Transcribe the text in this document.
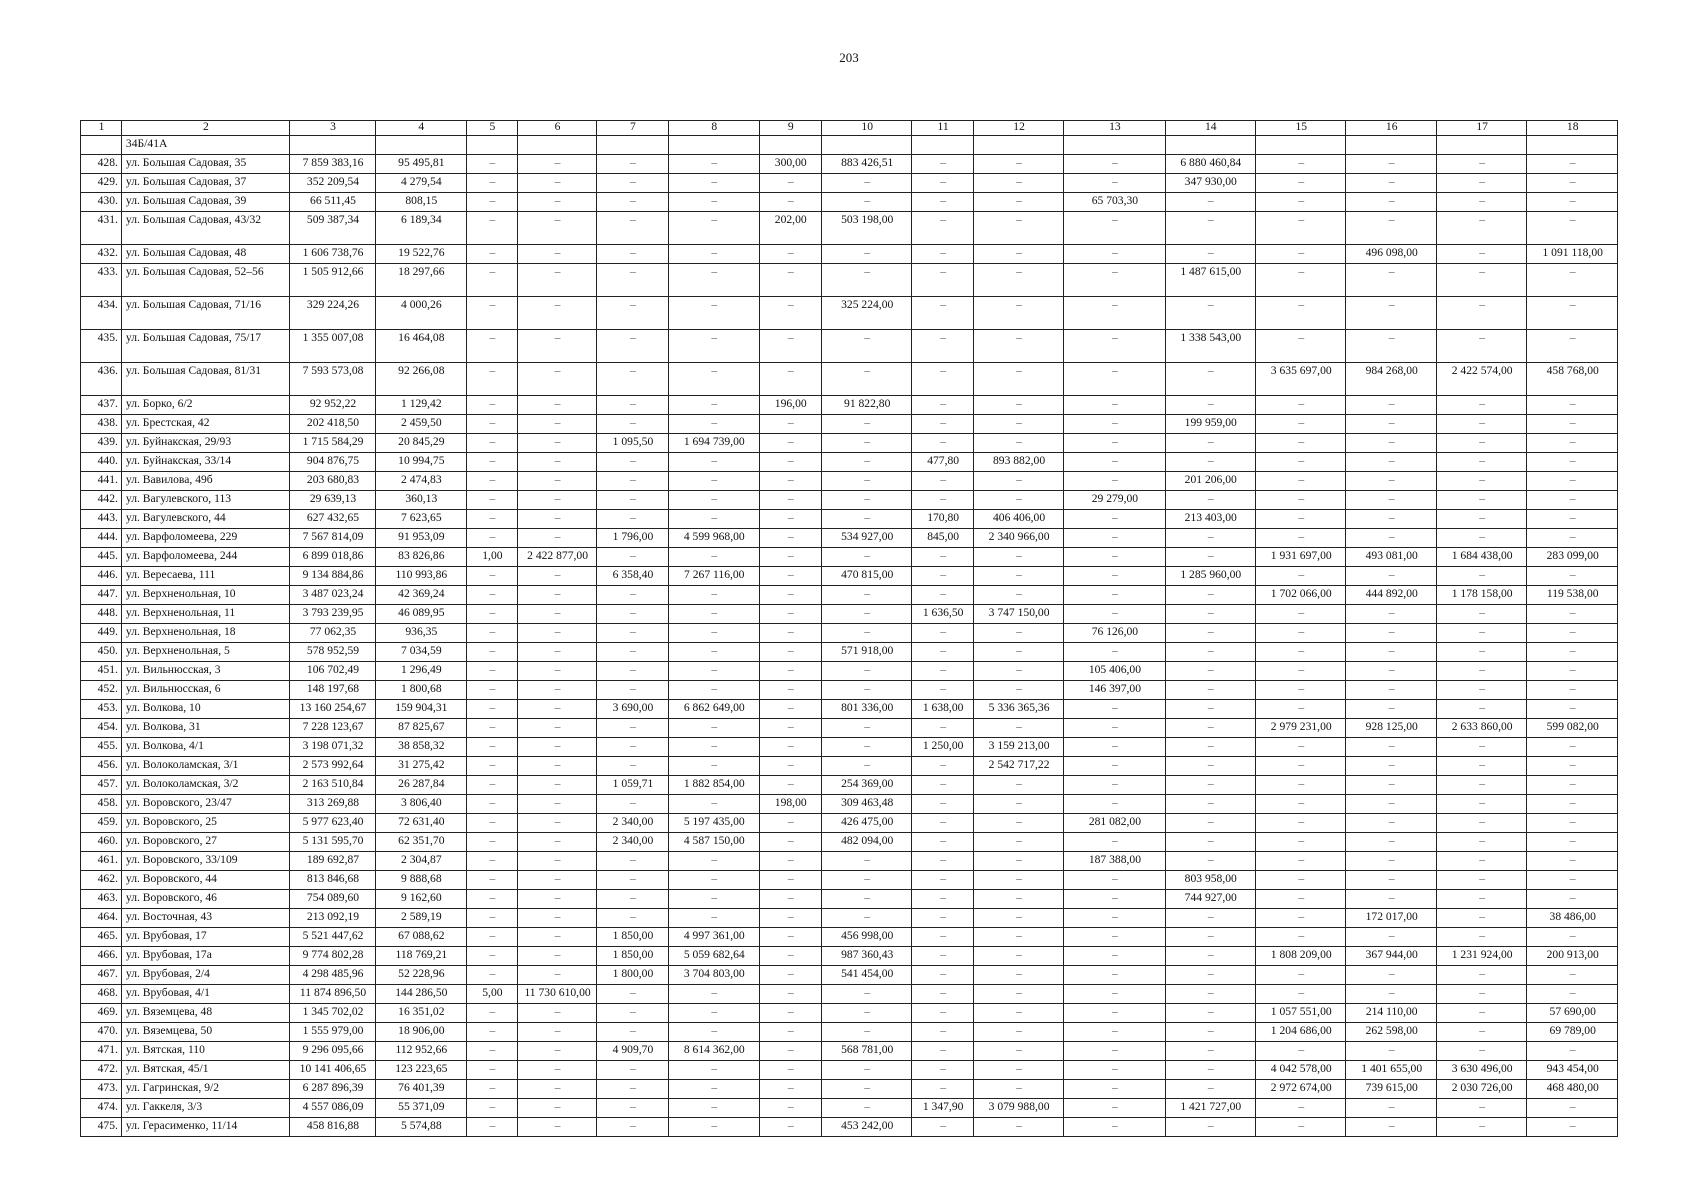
203
1	2	3	4	5	6	7	8	9	10	11	12	13	14	15	16	17	18
	34Б/41А																
428.	ул. Большая Садовая, 35	7 859 383,16	95 495,81	–	–	–	–	300,00	883 426,51	–	–	–	6 880 460,84	–	–	–	–
429.	ул. Большая Садовая, 37	352 209,54	4 279,54	–	–	–	–	–	–	–	–	–	347 930,00	–	–	–	–
430.	ул. Большая Садовая, 39	66 511,45	808,15	–	–	–	–	–	–	–	–	65 703,30	–	–	–	–	–
431.	ул. Большая Садовая, 43/32	509 387,34	6 189,34	–	–	–	–	202,00	503 198,00	–	–	–	–	–	–	–	–
432.	ул. Большая Садовая, 48	1 606 738,76	19 522,76	–	–	–	–	–	–	–	–	–	–	–	496 098,00	–	1 091 118,00
433.	ул. Большая Садовая, 52–56	1 505 912,66	18 297,66	–	–	–	–	–	–	–	–	–	1 487 615,00	–	–	–	–
434.	ул. Большая Садовая, 71/16	329 224,26	4 000,26	–	–	–	–	–	325 224,00	–	–	–	–	–	–	–	–
435.	ул. Большая Садовая, 75/17	1 355 007,08	16 464,08	–	–	–	–	–	–	–	–	–	1 338 543,00	–	–	–	–
436.	ул. Большая Садовая, 81/31	7 593 573,08	92 266,08	–	–	–	–	–	–	–	–	–	–	3 635 697,00	984 268,00	2 422 574,00	458 768,00
437.	ул. Борко, 6/2	92 952,22	1 129,42	–	–	–	–	196,00	91 822,80	–	–	–	–	–	–	–	–
438.	ул. Брестская, 42	202 418,50	2 459,50	–	–	–	–	–	–	–	–	–	199 959,00	–	–	–	–
439.	ул. Буйнакская, 29/93	1 715 584,29	20 845,29	–	–	1 095,50	1 694 739,00	–	–	–	–	–	–	–	–	–	–
440.	ул. Буйнакская, 33/14	904 876,75	10 994,75	–	–	–	–	–	–	477,80	893 882,00	–	–	–	–	–	–
441.	ул. Вавилова, 49б	203 680,83	2 474,83	–	–	–	–	–	–	–	–	–	201 206,00	–	–	–	–
442.	ул. Вагулевского, 113	29 639,13	360,13	–	–	–	–	–	–	–	–	29 279,00	–	–	–	–	–
443.	ул. Вагулевского, 44	627 432,65	7 623,65	–	–	–	–	–	–	170,80	406 406,00	–	213 403,00	–	–	–	–
444.	ул. Варфоломеева, 229	7 567 814,09	91 953,09	–	–	1 796,00	4 599 968,00	–	534 927,00	845,00	2 340 966,00	–	–	–	–	–	–
445.	ул. Варфоломеева, 244	6 899 018,86	83 826,86	1,00	2 422 877,00	–	–	–	–	–	–	–	–	1 931 697,00	493 081,00	1 684 438,00	283 099,00
446.	ул. Вересаева, 111	9 134 884,86	110 993,86	–	–	6 358,40	7 267 116,00	–	470 815,00	–	–	–	1 285 960,00	–	–	–	–
447.	ул. Верхненольная, 10	3 487 023,24	42 369,24	–	–	–	–	–	–	–	–	–	–	1 702 066,00	444 892,00	1 178 158,00	119 538,00
448.	ул. Верхненольная, 11	3 793 239,95	46 089,95	–	–	–	–	–	–	1 636,50	3 747 150,00	–	–	–	–	–	–
449.	ул. Верхненольная, 18	77 062,35	936,35	–	–	–	–	–	–	–	–	76 126,00	–	–	–	–	–
450.	ул. Верхненольная, 5	578 952,59	7 034,59	–	–	–	–	–	571 918,00	–	–	–	–	–	–	–	–
451.	ул. Вильнюсская, 3	106 702,49	1 296,49	–	–	–	–	–	–	–	–	105 406,00	–	–	–	–	–
452.	ул. Вильнюсская, 6	148 197,68	1 800,68	–	–	–	–	–	–	–	–	146 397,00	–	–	–	–	–
453.	ул. Волкова, 10	13 160 254,67	159 904,31	–	–	3 690,00	6 862 649,00	–	801 336,00	1 638,00	5 336 365,36	–	–	–	–	–	–
454.	ул. Волкова, 31	7 228 123,67	87 825,67	–	–	–	–	–	–	–	–	–	–	2 979 231,00	928 125,00	2 633 860,00	599 082,00
455.	ул. Волкова, 4/1	3 198 071,32	38 858,32	–	–	–	–	–	–	1 250,00	3 159 213,00	–	–	–	–	–	–
456.	ул. Волоколамская, 3/1	2 573 992,64	31 275,42	–	–	–	–	–	–	–	2 542 717,22	–	–	–	–	–	–
457.	ул. Волоколамская, 3/2	2 163 510,84	26 287,84	–	–	1 059,71	1 882 854,00	–	254 369,00	–	–	–	–	–	–	–	–
458.	ул. Воровского, 23/47	313 269,88	3 806,40	–	–	–	–	198,00	309 463,48	–	–	–	–	–	–	–	–
459.	ул. Воровского, 25	5 977 623,40	72 631,40	–	–	2 340,00	5 197 435,00	–	426 475,00	–	–	281 082,00	–	–	–	–	–
460.	ул. Воровского, 27	5 131 595,70	62 351,70	–	–	2 340,00	4 587 150,00	–	482 094,00	–	–	–	–	–	–	–	–
461.	ул. Воровского, 33/109	189 692,87	2 304,87	–	–	–	–	–	–	–	–	187 388,00	–	–	–	–	–
462.	ул. Воровского, 44	813 846,68	9 888,68	–	–	–	–	–	–	–	–	–	803 958,00	–	–	–	–
463.	ул. Воровского, 46	754 089,60	9 162,60	–	–	–	–	–	–	–	–	–	744 927,00	–	–	–	–
464.	ул. Восточная, 43	213 092,19	2 589,19	–	–	–	–	–	–	–	–	–	–	–	172 017,00	–	38 486,00
465.	ул. Врубовая, 17	5 521 447,62	67 088,62	–	–	1 850,00	4 997 361,00	–	456 998,00	–	–	–	–	–	–	–	–
466.	ул. Врубовая, 17а	9 774 802,28	118 769,21	–	–	1 850,00	5 059 682,64	–	987 360,43	–	–	–	–	1 808 209,00	367 944,00	1 231 924,00	200 913,00
467.	ул. Врубовая, 2/4	4 298 485,96	52 228,96	–	–	1 800,00	3 704 803,00	–	541 454,00	–	–	–	–	–	–	–	–
468.	ул. Врубовая, 4/1	11 874 896,50	144 286,50	5,00	11 730 610,00	–	–	–	–	–	–	–	–	–	–	–	–
469.	ул. Вяземцева, 48	1 345 702,02	16 351,02	–	–	–	–	–	–	–	–	–	–	1 057 551,00	214 110,00	–	57 690,00
470.	ул. Вяземцева, 50	1 555 979,00	18 906,00	–	–	–	–	–	–	–	–	–	–	1 204 686,00	262 598,00	–	69 789,00
471.	ул. Вятская, 110	9 296 095,66	112 952,66	–	–	4 909,70	8 614 362,00	–	568 781,00	–	–	–	–	–	–	–	–
472.	ул. Вятская, 45/1	10 141 406,65	123 223,65	–	–	–	–	–	–	–	–	–	–	4 042 578,00	1 401 655,00	3 630 496,00	943 454,00
473.	ул. Гагринская, 9/2	6 287 896,39	76 401,39	–	–	–	–	–	–	–	–	–	–	2 972 674,00	739 615,00	2 030 726,00	468 480,00
474.	ул. Гаккеля, 3/3	4 557 086,09	55 371,09	–	–	–	–	–	–	1 347,90	3 079 988,00	–	1 421 727,00	–	–	–	–
475.	ул. Герасименко, 11/14	458 816,88	5 574,88	–	–	–	–	–	453 242,00	–	–	–	–	–	–	–	–
